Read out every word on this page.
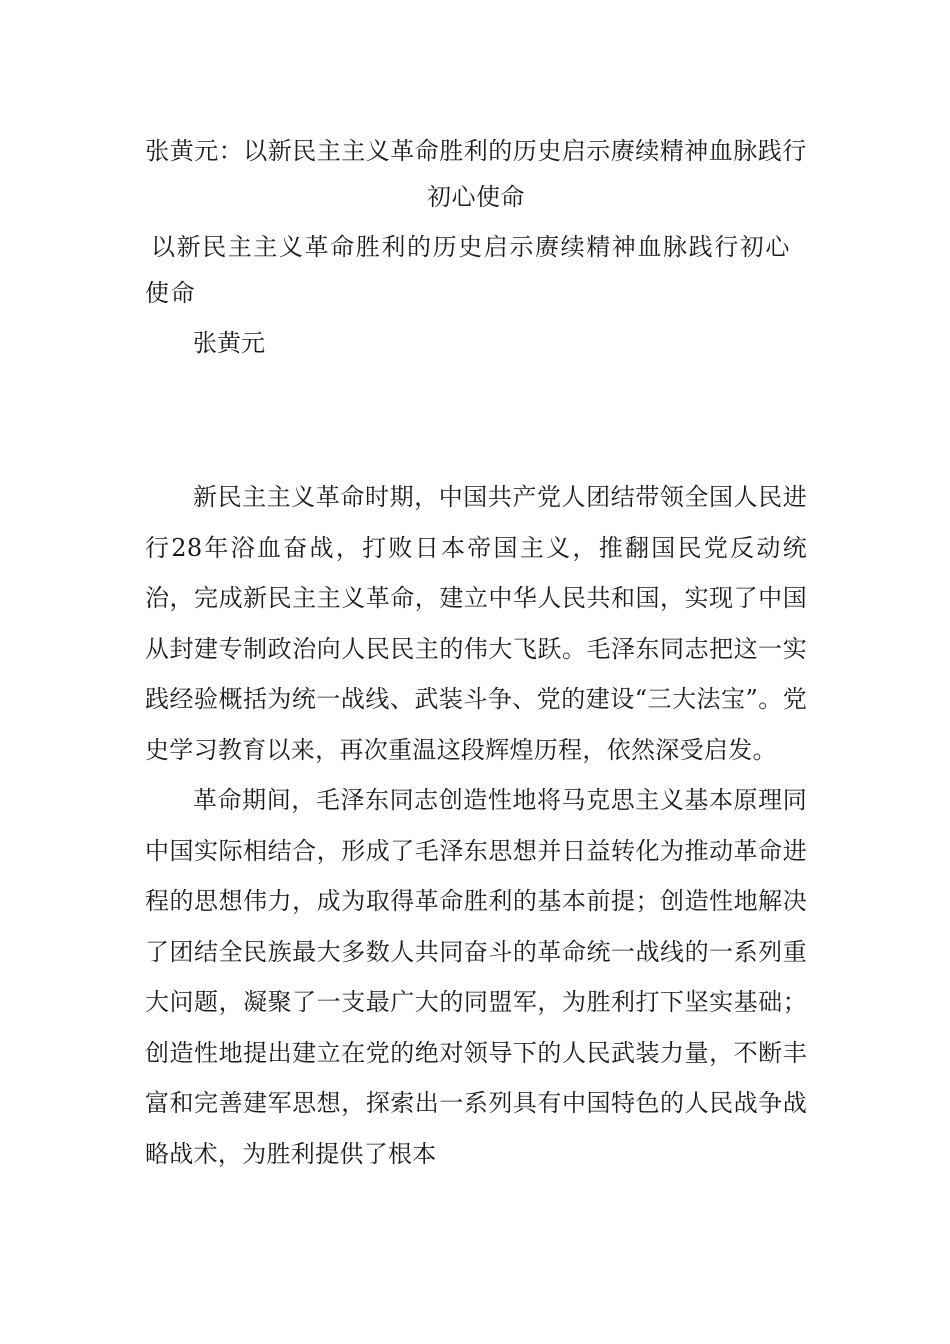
张黄元：以新民主主义革命胜利的历史启示赓续精神血脉践行初心使命
以新民主主义革命胜利的历史启示赓续精神血脉践行初心使命

张黄元

新民主主义革命时期，中国共产党人团结带领全国人民进行28年浴血奋战，打败日本帝国主义，推翻国民党反动统治，完成新民主主义革命，建立中华人民共和国，实现了中国从封建专制政治向人民民主的伟大飞跃。毛泽东同志把这一实践经验概括为统一战线、武装斗争、党的建设“三大法宝”。党史学习教育以来，再次重温这段辉煌历程，依然深受启发。

革命期间，毛泽东同志创造性地将马克思主义基本原理同中国实际相结合，形成了毛泽东思想并日益转化为推动革命进程的思想伟力，成为取得革命胜利的基本前提；创造性地解决了团结全民族最大多数人共同奋斗的革命统一战线的一系列重大问题，凝聚了一支最广大的同盟军，为胜利打下坚实基础；创造性地提出建立在党的绝对领导下的人民武装力量，不断丰富和完善建军思想，探索出一系列具有中国特色的人民战争战略战术，为胜利提供了根本
